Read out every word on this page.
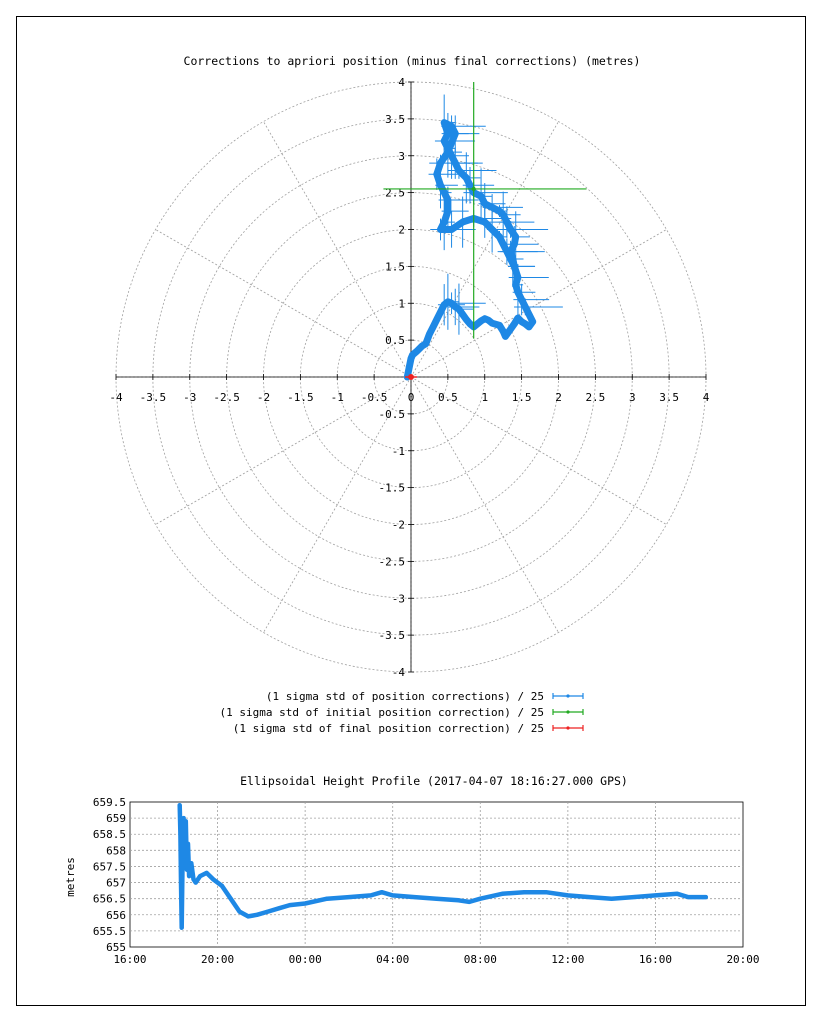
Corrections to apriori position (minus final corrections) (metres)
-4
-4
-3.5
-3.5
-3
-3
-2.5
-2.5
-2
-2
-1.5
-1.5
-1
-1
-0.5
-0.5
0 0.5
0.5
1
1
1.5
1.5
2
2
2.5
2.5
3
3
3.5
3.5
4
4
(1 sigma std of position corrections) / 25
(1 sigma std of initial position correction) / 25
(1 sigma std of final position correction) / 25
Ellipsoidal Height Profile (2017-04-07 18:16:27.000 GPS)
metres
655
655.5
656
656.5
657
657.5
658
658.5
659
659.5
16:00	20:00	00:00	04:00	08:00	12:00	16:00	20:00
